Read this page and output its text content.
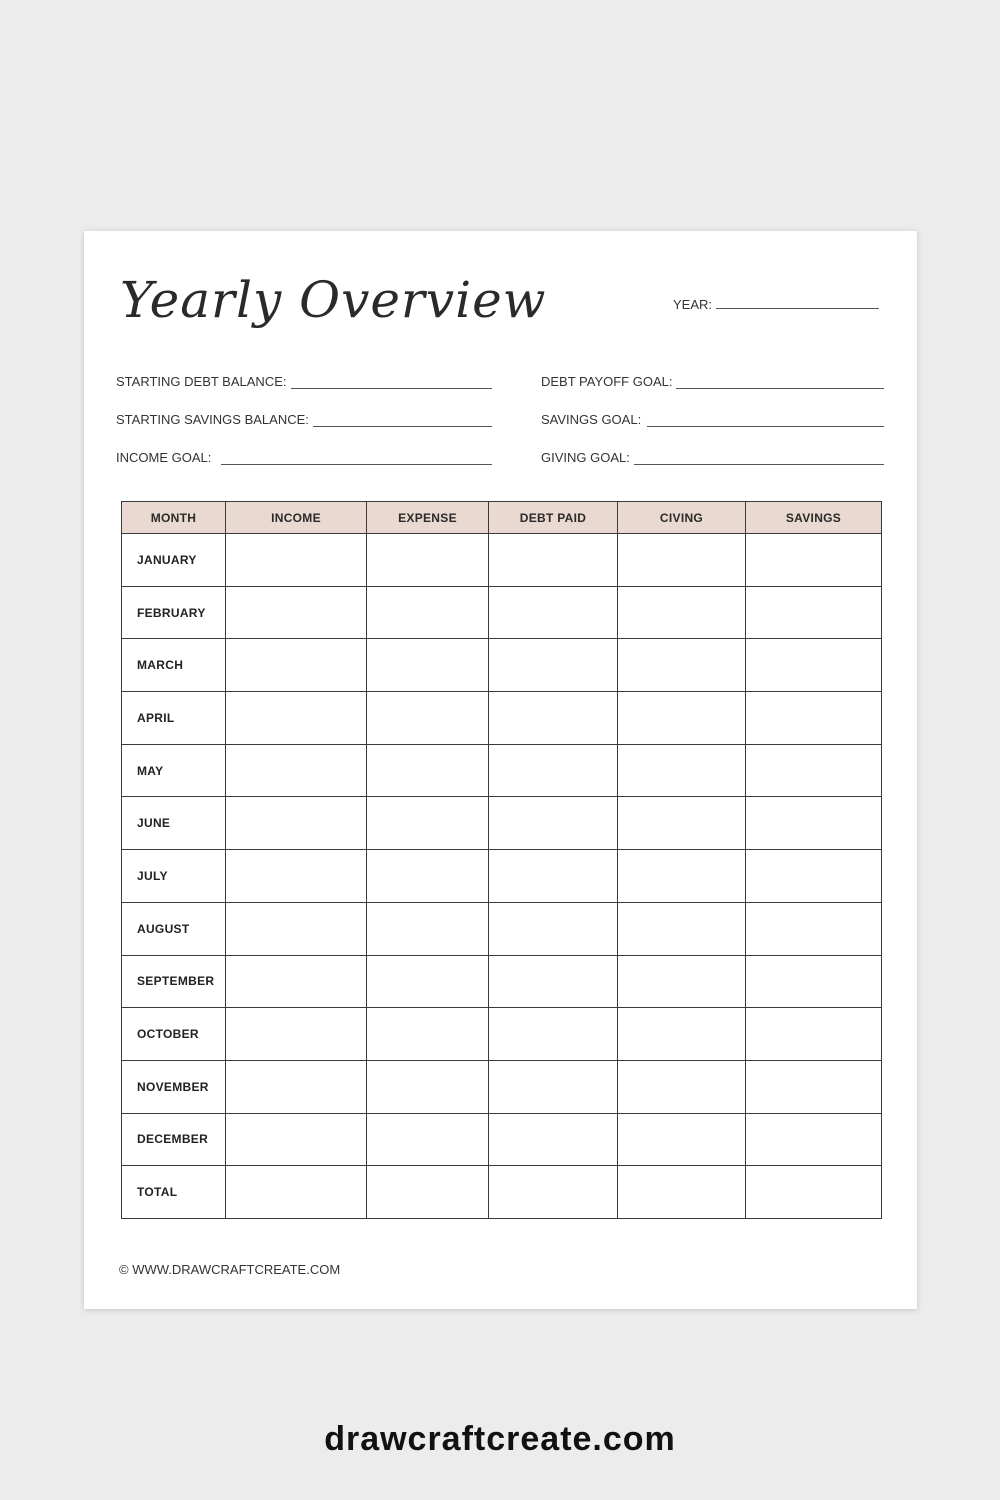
Yearly Overview	YEAR:
STARTING DEBT BALANCE:
STARTING SAVINGS BALANCE:
INCOME GOAL:
DEBT PAYOFF GOAL:
SAVINGS GOAL:
GIVING GOAL:
MONTH	INCOME	EXPENSE	DEBT PAID	CIVING	SAVINGS
JANUARY					
FEBRUARY					
MARCH					
APRIL					
MAY					
JUNE					
JULY					
AUGUST					
SEPTEMBER					
OCTOBER					
NOVEMBER					
DECEMBER					
TOTAL					
© WWW.DRAWCRAFTCREATE.COM
drawcraftcreate.com
